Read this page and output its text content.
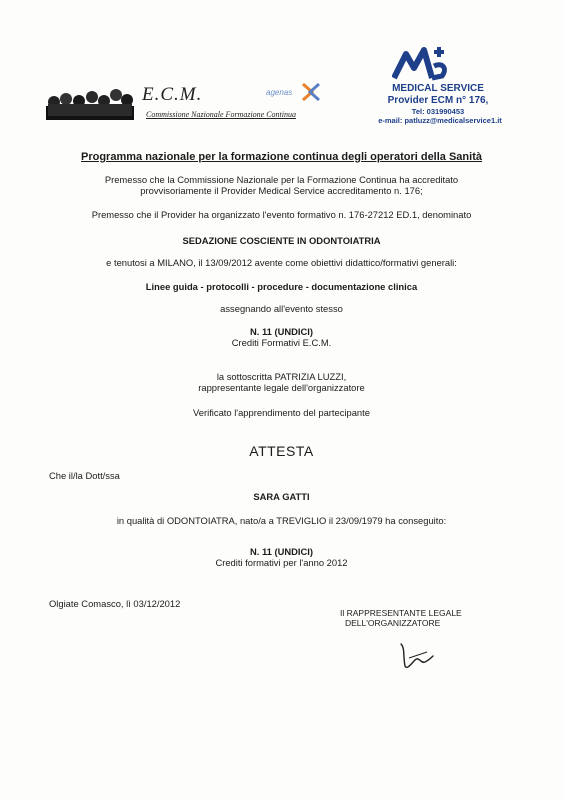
E.C.M.
Commissione Nazionale Formazione Continua
agenas	MEDICAL SERVICE
Provider ECM n° 176,
Tel: 031990453
e-mail: patluzz@medicalservice1.it
Programma nazionale per la formazione continua degli operatori della Sanità
Premesso che la Commissione Nazionale per la Formazione Continua ha accreditato
provvisoriamente il Provider Medical Service accreditamento n. 176;
Premesso che il Provider ha organizzato l'evento formativo n. 176-27212 ED.1, denominato
SEDAZIONE COSCIENTE IN ODONTOIATRIA
e tenutosi a MILANO, il 13/09/2012 avente come obiettivi didattico/formativi generali:
Linee guida - protocolli - procedure - documentazione clinica
assegnando all'evento stesso
N. 11 (UNDICI)
Crediti Formativi E.C.M.
la sottoscritta PATRIZIA LUZZI,
rappresentante legale dell'organizzatore
Verificato l'apprendimento del partecipante
ATTESTA
Che il/la Dott/ssa
SARA GATTI
in qualità di ODONTOIATRA, nato/a a TREVIGLIO il 23/09/1979 ha conseguito:
N. 11 (UNDICI)
Crediti formativi per l'anno 2012
Olgiate Comasco, lì 03/12/2012
Il RAPPRESENTANTE LEGALE
DELL'ORGANIZZATORE
